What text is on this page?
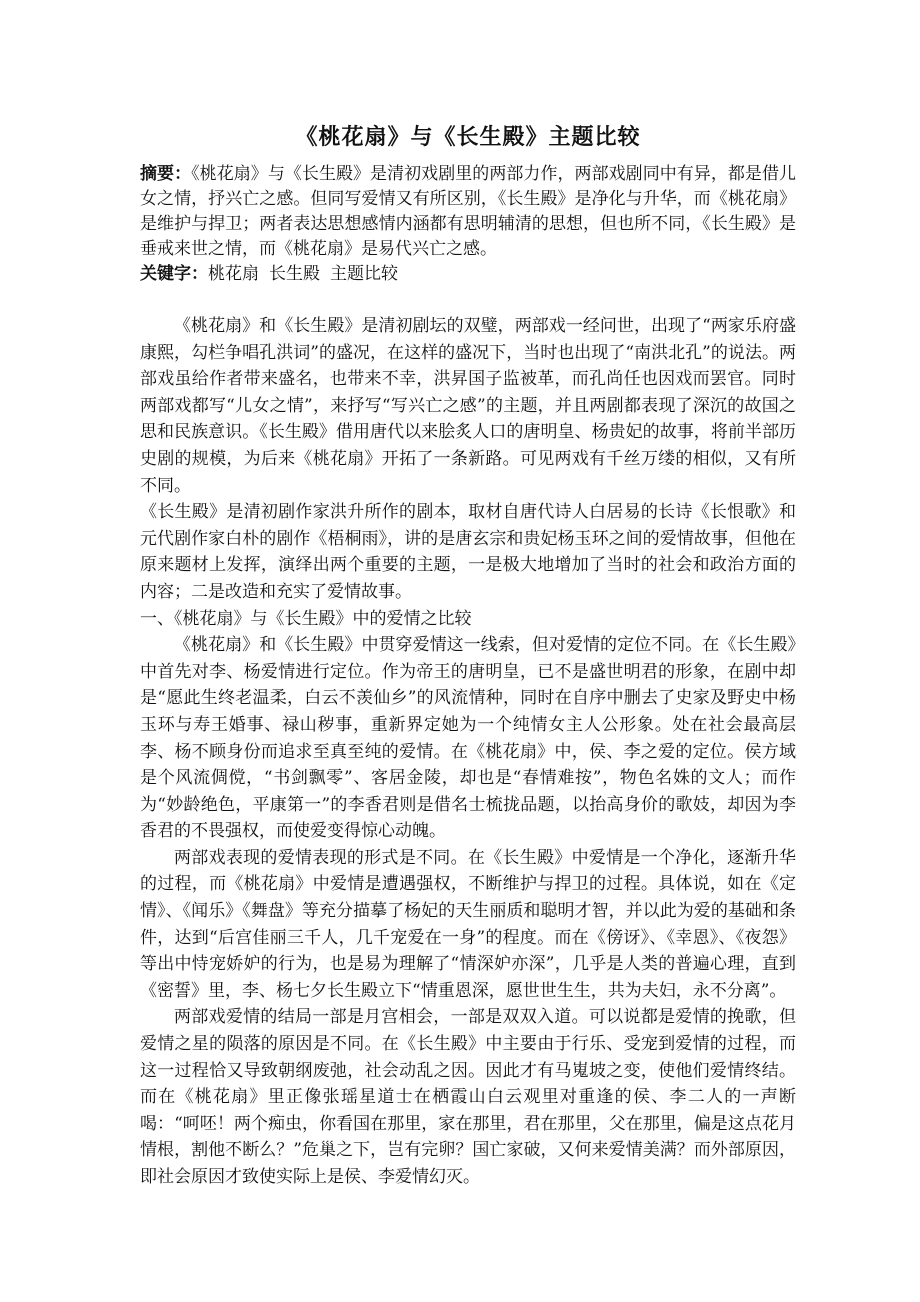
《桃花扇》与《长生殿》主题比较

摘要：《桃花扇》与《长生殿》是清初戏剧里的两部力作，两部戏剧同中有异，都是借儿女之情，抒兴亡之感。但同写爱情又有所区别，《长生殿》是净化与升华，而《桃花扇》是维护与捍卫；两者表达思想感情内涵都有思明辅清的思想，但也所不同，《长生殿》是垂戒来世之情，而《桃花扇》是易代兴亡之感。

关键字：桃花扇 长生殿 主题比较

《桃花扇》和《长生殿》是清初剧坛的双璧，两部戏一经问世，出现了“两家乐府盛康熙，勾栏争唱孔洪词”的盛况，在这样的盛况下，当时也出现了“南洪北孔”的说法。两部戏虽给作者带来盛名，也带来不幸，洪昇国子监被革，而孔尚任也因戏而罢官。同时两部戏都写“儿女之情”，来抒写“写兴亡之感”的主题，并且两剧都表现了深沉的故国之思和民族意识。《长生殿》借用唐代以来脍炙人口的唐明皇、杨贵妃的故事，将前半部历史剧的规模，为后来《桃花扇》开拓了一条新路。可见两戏有千丝万缕的相似，又有所不同。

《长生殿》是清初剧作家洪升所作的剧本，取材自唐代诗人白居易的长诗《长恨歌》和元代剧作家白朴的剧作《梧桐雨》，讲的是唐玄宗和贵妃杨玉环之间的爱情故事，但他在原来题材上发挥，演绎出两个重要的主题，一是极大地增加了当时的社会和政治方面的内容；二是改造和充实了爱情故事。

一、《桃花扇》与《长生殿》中的爱情之比较

《桃花扇》和《长生殿》中贯穿爱情这一线索，但对爱情的定位不同。在《长生殿》中首先对李、杨爱情进行定位。作为帝王的唐明皇，已不是盛世明君的形象，在剧中却是“愿此生终老温柔，白云不羡仙乡”的风流情种，同时在自序中删去了史家及野史中杨玉环与寿王婚事、禄山秽事，重新界定她为一个纯情女主人公形象。处在社会最高层李、杨不顾身份而追求至真至纯的爱情。在《桃花扇》中，侯、李之爱的定位。侯方域是个风流倜傥，“书剑飘零”、客居金陵，却也是“春情难按”，物色名姝的文人；而作为“妙龄绝色，平康第一”的李香君则是借名士梳拢品题，以抬高身价的歌妓，却因为李香君的不畏强权，而使爱变得惊心动魄。

两部戏表现的爱情表现的形式是不同。在《长生殿》中爱情是一个净化，逐渐升华的过程，而《桃花扇》中爱情是遭遇强权，不断维护与捍卫的过程。具体说，如在《定情》、《闻乐》《舞盘》等充分描摹了杨妃的天生丽质和聪明才智，并以此为爱的基础和条件，达到“后宫佳丽三千人，几千宠爱在一身”的程度。而在《傍讶》、《幸恩》、《夜怨》等出中恃宠娇妒的行为，也是易为理解了“情深妒亦深”，几乎是人类的普遍心理，直到《密誓》里，李、杨七夕长生殿立下“情重恩深，愿世世生生，共为夫妇，永不分离”。

两部戏爱情的结局一部是月宫相会，一部是双双入道。可以说都是爱情的挽歌，但爱情之星的陨落的原因是不同。在《长生殿》中主要由于行乐、受宠到爱情的过程，而这一过程恰又导致朝纲废弛，社会动乱之因。因此才有马嵬坡之变，使他们爱情终结。而在《桃花扇》里正像张瑶星道士在栖霞山白云观里对重逢的侯、李二人的一声断喝：“呵呸！两个痴虫，你看国在那里，家在那里，君在那里，父在那里，偏是这点花月情根，割他不断么？”危巢之下，岂有完卵？国亡家破，又何来爱情美满？而外部原因，即社会原因才致使实际上是侯、李爱情幻灭。
